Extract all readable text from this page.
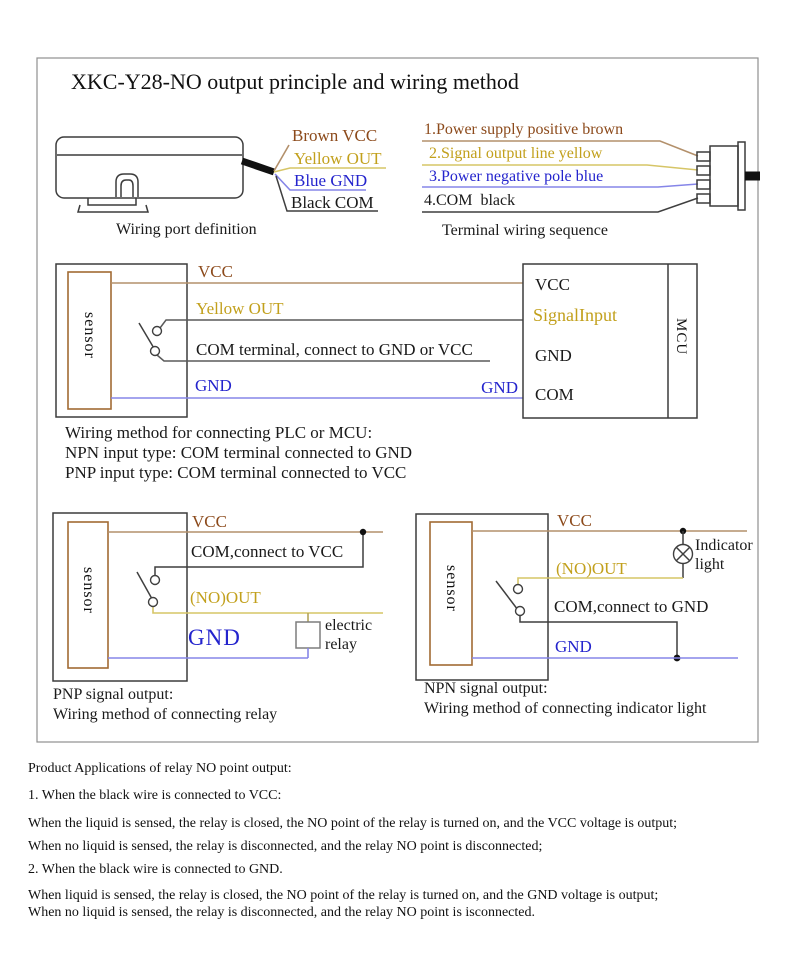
XKC-Y28-NO output principle and wiring method
Brown VCC
Yellow OUT
Blue GND
Black COM
Wiring port definition
1.Power supply positive brown
2.Signal output line yellow
3.Power negative pole blue
4.COM  black
Terminal wiring sequence
sensor
VCC
Yellow OUT
COM terminal, connect to GND or VCC
GND	GND
VCC
SignalInput
GND
COM
MCU
Wiring method for connecting PLC or MCU:
NPN input type: COM terminal connected to GND
PNP input type: COM terminal connected to VCC
sensor
VCC
COM,connect to VCC
(NO)OUT
GND	electric
relay
PNP signal output:
Wiring method of connecting relay
sensor
VCC
Indicator
light
(NO)OUT
COM,connect to GND
GND
NPN signal output:
Wiring method of connecting indicator light
Product Applications of relay NO point output:
1. When the black wire is connected to VCC:
When the liquid is sensed, the relay is closed, the NO point of the relay is turned on, and the VCC voltage is output;
When no liquid is sensed, the relay is disconnected, and the relay NO point is disconnected;
2. When the black wire is connected to GND.
When liquid is sensed, the relay is closed, the NO point of the relay is turned on, and the GND voltage is output;
When no liquid is sensed, the relay is disconnected, and the relay NO point is isconnected.
